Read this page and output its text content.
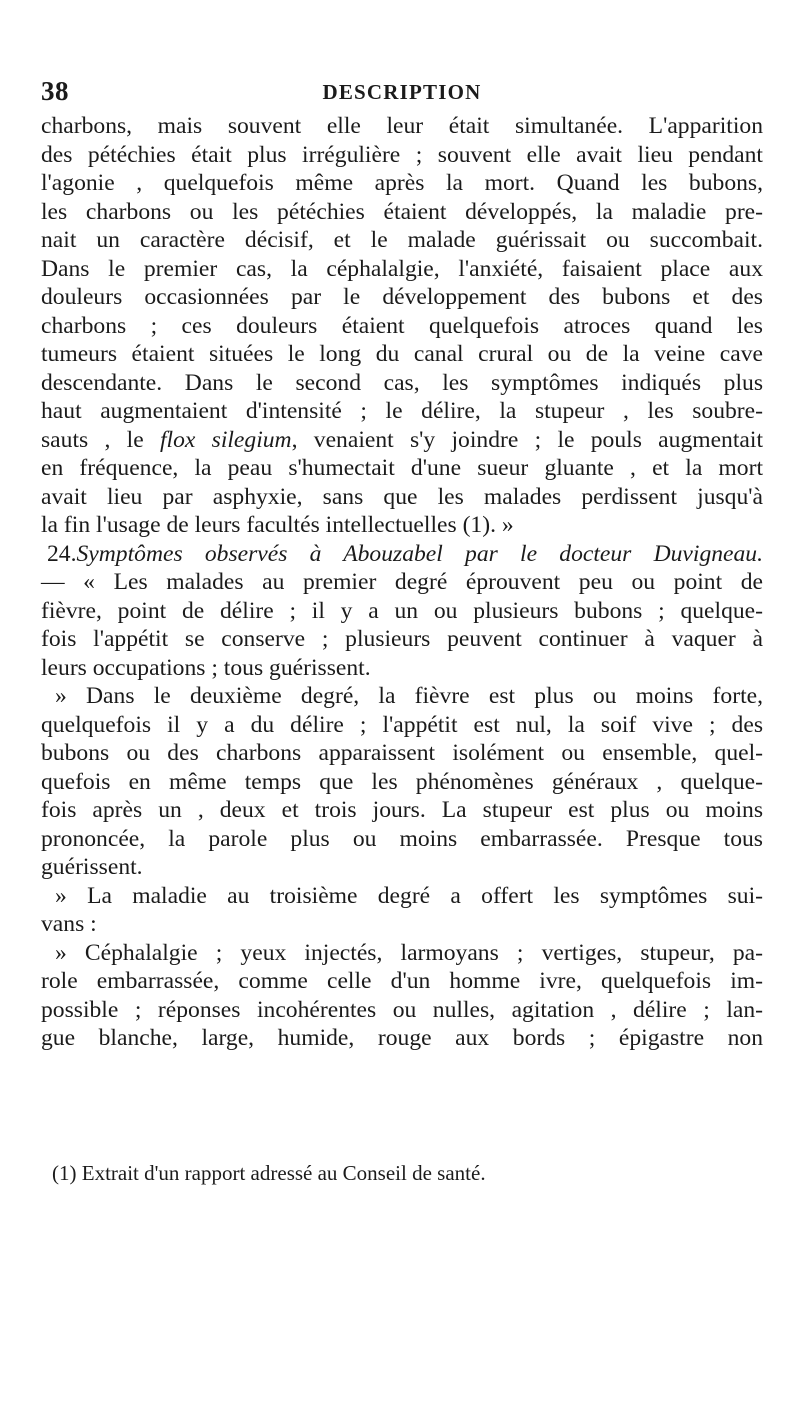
38	DESCRIPTION
charbons, mais souvent elle leur était simultanée. L'apparition
des pétéchies était plus irrégulière ; souvent elle avait lieu pendant
l'agonie , quelquefois même après la mort. Quand les bubons,
les charbons ou les pétéchies étaient développés, la maladie pre-
nait un caractère décisif, et le malade guérissait ou succombait.
Dans le premier cas, la céphalalgie, l'anxiété, faisaient place aux
douleurs occasionnées par le développement des bubons et des
charbons ; ces douleurs étaient quelquefois atroces quand les
tumeurs étaient situées le long du canal crural ou de la veine cave
descendante. Dans le second cas, les symptômes indiqués plus
haut augmentaient d'intensité ; le délire, la stupeur , les soubre-
sauts , le flox silegium, venaient s'y joindre ; le pouls augmentait
en fréquence, la peau s'humectait d'une sueur gluante , et la mort
avait lieu par asphyxie, sans que les malades perdissent jusqu'à
la fin l'usage de leurs facultés intellectuelles (1). »
24.Symptômes observés à Abouzabel par le docteur Duvigneau.
— « Les malades au premier degré éprouvent peu ou point de
fièvre, point de délire ; il y a un ou plusieurs bubons ; quelque-
fois l'appétit se conserve ; plusieurs peuvent continuer à vaquer à
leurs occupations ; tous guérissent.
» Dans le deuxième degré, la fièvre est plus ou moins forte,
quelquefois il y a du délire ; l'appétit est nul, la soif vive ; des
bubons ou des charbons apparaissent isolément ou ensemble, quel-
quefois en même temps que les phénomènes généraux , quelque-
fois après un , deux et trois jours. La stupeur est plus ou moins
prononcée, la parole plus ou moins embarrassée. Presque tous
guérissent.
» La maladie au troisième degré a offert les symptômes sui-
vans :
» Céphalalgie ; yeux injectés, larmoyans ; vertiges, stupeur, pa-
role embarrassée, comme celle d'un homme ivre, quelquefois im-
possible ; réponses incohérentes ou nulles, agitation , délire ; lan-
gue blanche, large, humide, rouge aux bords ; épigastre non
(1) Extrait d'un rapport adressé au Conseil de santé.
